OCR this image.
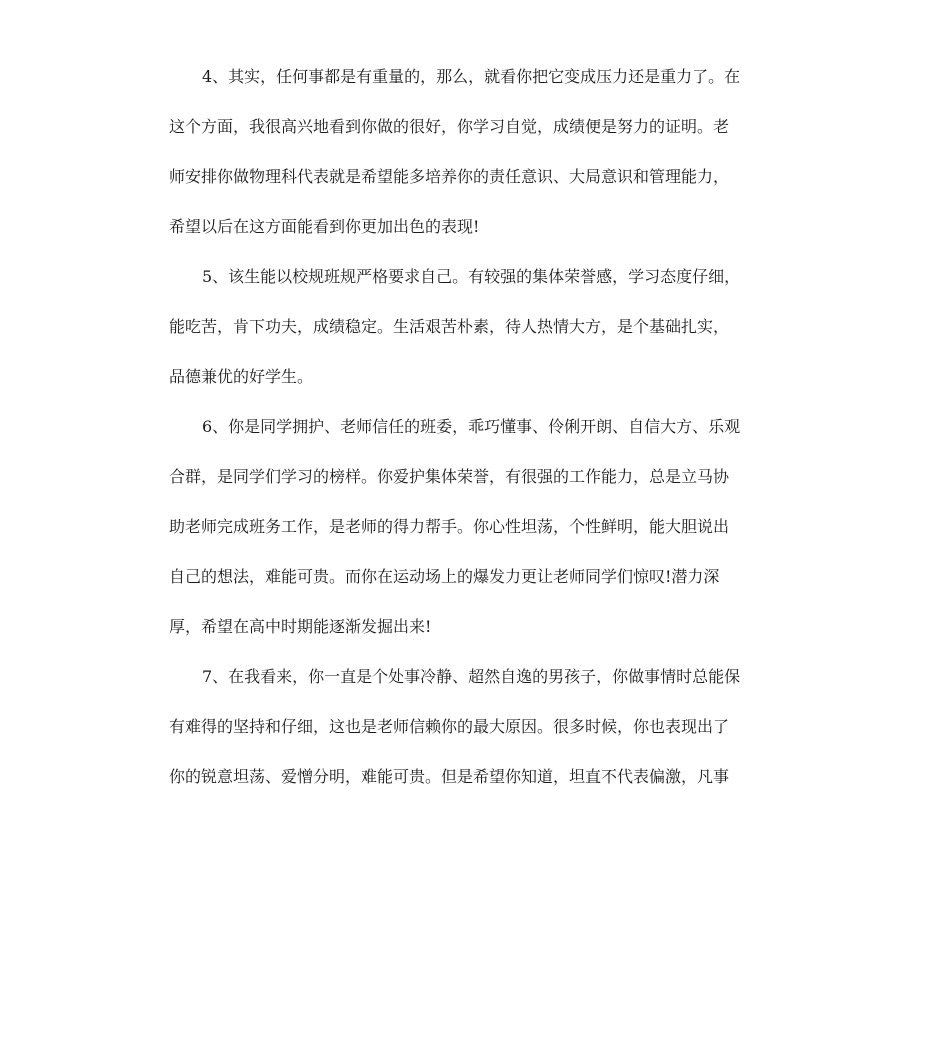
4、其实，任何事都是有重量的，那么，就看你把它变成压力还是重力了。在

这个方面，我很高兴地看到你做的很好，你学习自觉，成绩便是努力的证明。老

师安排你做物理科代表就是希望能多培养你的责任意识、大局意识和管理能力，

希望以后在这方面能看到你更加出色的表现!

5、该生能以校规班规严格要求自己。有较强的集体荣誉感，学习态度仔细，

能吃苦，肯下功夫，成绩稳定。生活艰苦朴素，待人热情大方，是个基础扎实，

品德兼优的好学生。

6、你是同学拥护、老师信任的班委，乖巧懂事、伶俐开朗、自信大方、乐观

合群，是同学们学习的榜样。你爱护集体荣誉，有很强的工作能力，总是立马协

助老师完成班务工作，是老师的得力帮手。你心性坦荡，个性鲜明，能大胆说出

自己的想法，难能可贵。而你在运动场上的爆发力更让老师同学们惊叹!潜力深

厚，希望在高中时期能逐渐发掘出来!

7、在我看来，你一直是个处事冷静、超然自逸的男孩子，你做事情时总能保

有难得的坚持和仔细，这也是老师信赖你的最大原因。很多时候，你也表现出了

你的锐意坦荡、爱憎分明，难能可贵。但是希望你知道，坦直不代表偏激，凡事
